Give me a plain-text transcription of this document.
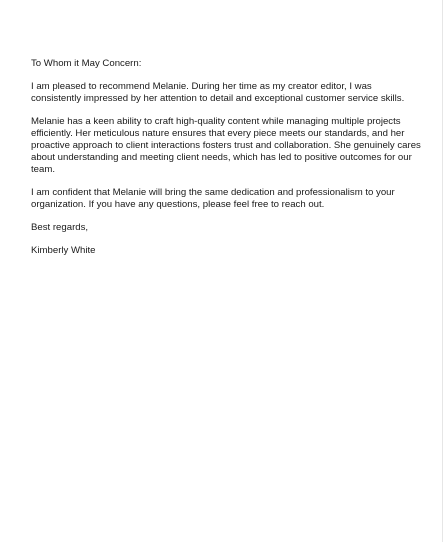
To Whom it May Concern:

I am pleased to recommend Melanie. During her time as my creator editor, I was consistently impressed by her attention to detail and exceptional customer service skills.

Melanie has a keen ability to craft high-quality content while managing multiple projects efficiently. Her meticulous nature ensures that every piece meets our standards, and her proactive approach to client interactions fosters trust and collaboration. She genuinely cares about understanding and meeting client needs, which has led to positive outcomes for our team.

I am confident that Melanie will bring the same dedication and professionalism to your organization. If you have any questions, please feel free to reach out.

Best regards,

Kimberly White
